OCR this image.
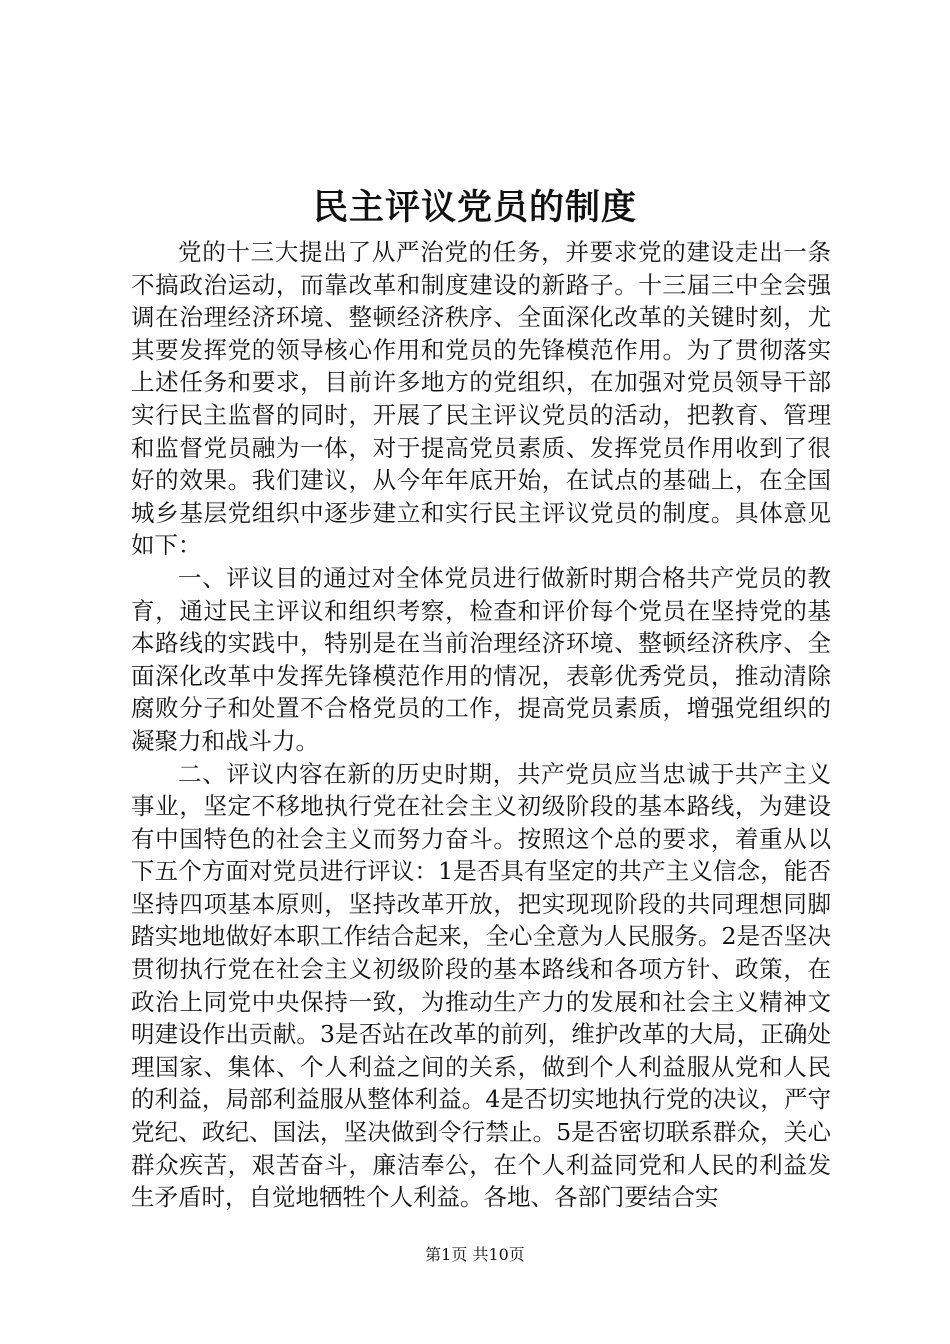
民主评议党员的制度

党的十三大提出了从严治党的任务，并要求党的建设走出一条不搞政治运动，而靠改革和制度建设的新路子。十三届三中全会强调在治理经济环境、整顿经济秩序、全面深化改革的关键时刻，尤其要发挥党的领导核心作用和党员的先锋模范作用。为了贯彻落实上述任务和要求，目前许多地方的党组织，在加强对党员领导干部实行民主监督的同时，开展了民主评议党员的活动，把教育、管理和监督党员融为一体，对于提高党员素质、发挥党员作用收到了很好的效果。我们建议，从今年年底开始，在试点的基础上，在全国城乡基层党组织中逐步建立和实行民主评议党员的制度。具体意见如下：

一、评议目的通过对全体党员进行做新时期合格共产党员的教育，通过民主评议和组织考察，检查和评价每个党员在坚持党的基本路线的实践中，特别是在当前治理经济环境、整顿经济秩序、全面深化改革中发挥先锋模范作用的情况，表彰优秀党员，推动清除腐败分子和处置不合格党员的工作，提高党员素质，增强党组织的凝聚力和战斗力。

二、评议内容在新的历史时期，共产党员应当忠诚于共产主义事业，坚定不移地执行党在社会主义初级阶段的基本路线，为建设有中国特色的社会主义而努力奋斗。按照这个总的要求，着重从以下五个方面对党员进行评议：1是否具有坚定的共产主义信念，能否坚持四项基本原则，坚持改革开放，把实现现阶段的共同理想同脚踏实地地做好本职工作结合起来，全心全意为人民服务。2是否坚决贯彻执行党在社会主义初级阶段的基本路线和各项方针、政策，在政治上同党中央保持一致，为推动生产力的发展和社会主义精神文明建设作出贡献。3是否站在改革的前列，维护改革的大局，正确处理国家、集体、个人利益之间的关系，做到个人利益服从党和人民的利益，局部利益服从整体利益。4是否切实地执行党的决议，严守党纪、政纪、国法，坚决做到令行禁止。5是否密切联系群众，关心群众疾苦，艰苦奋斗，廉洁奉公，在个人利益同党和人民的利益发生矛盾时，自觉地牺牲个人利益。各地、各部门要结合实

第1页 共10页
